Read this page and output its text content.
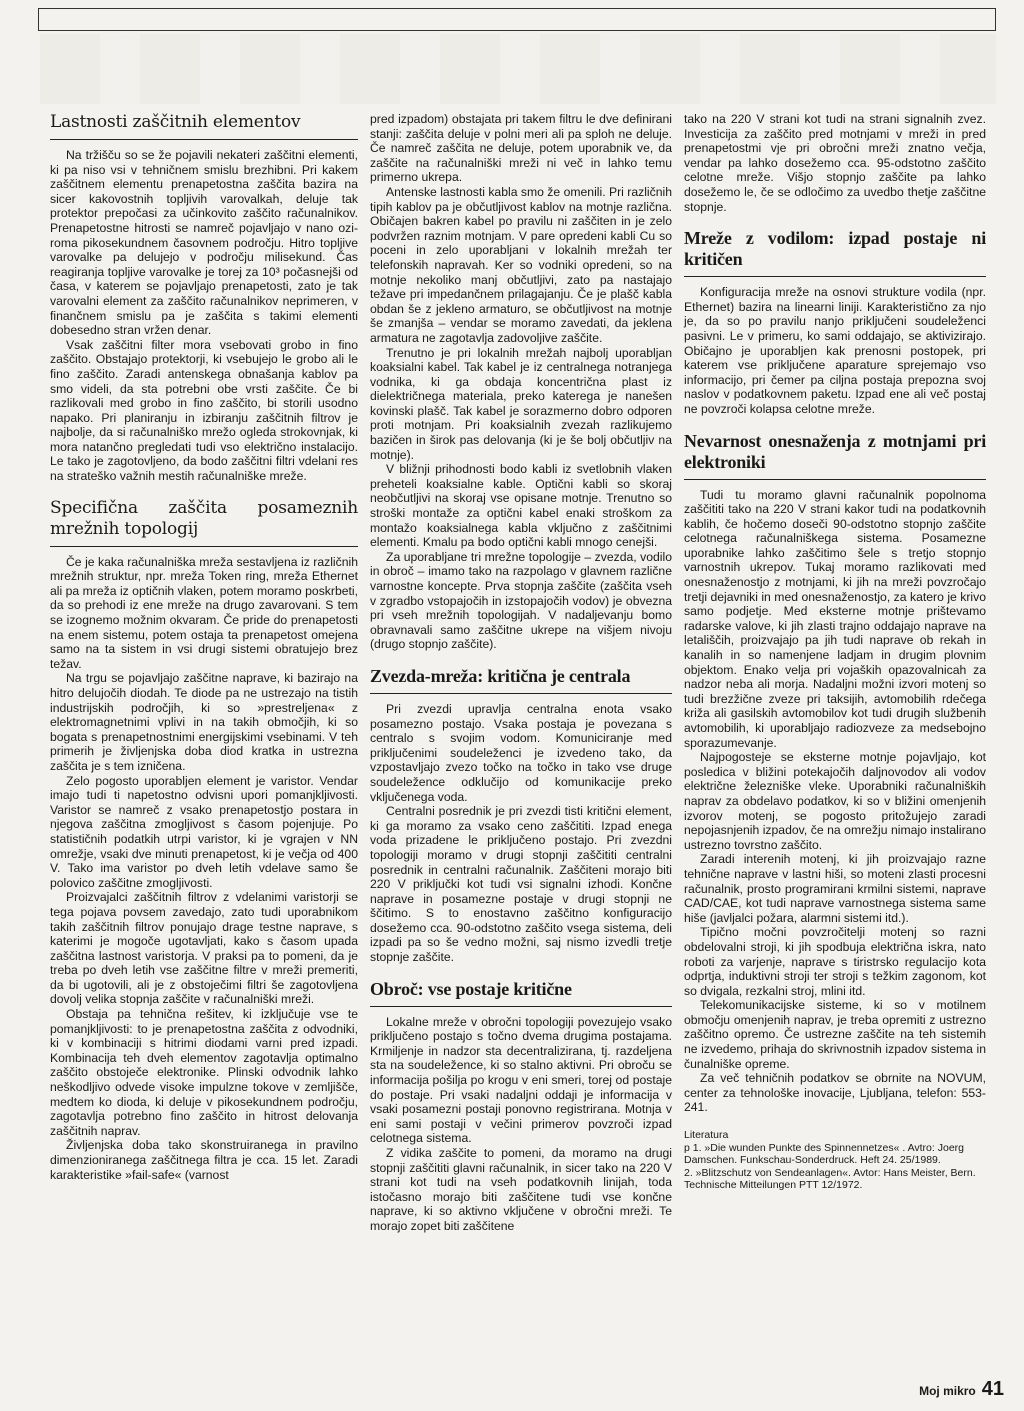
Lastnosti zaščitnih elementov

Na tržišču so se že pojavili nekateri zaščitni elementi, ki pa niso vsi v tehničnem smislu brezhibni. Pri kakem zaščitnem elementu prenapetostna zaščita bazira na sicer kakovostnih topljivih varovalkah, deluje tak protektor prepočasi za učinkovito zaščito računalnikov. Prenapetostne hitrosti se namreč pojavljajo v nano ozi-roma pikosekundnem časovnem področju. Hitro topljive varovalke pa delujejo v področju milisekund. Čas reagiranja topljive varovalke je torej za 10³ počasnejši od časa, v katerem se pojavljajo prenapetosti, zato je tak varovalni element za zaščito računalnikov neprimeren, v finančnem smislu pa je zaščita s takimi elementi dobesedno stran vržen denar.

Vsak zaščitni filter mora vsebovati grobo in fino zaščito. Obstajajo protektorji, ki vsebujejo le grobo ali le fino zaščito. Zaradi antenskega obnašanja kablov pa smo videli, da sta potrebni obe vrsti zaščite. Če bi razlikovali med grobo in fino zaščito, bi storili usodno napako. Pri planiranju in izbiranju zaščitnih filtrov je najbolje, da si računalniško mrežo ogleda strokovnjak, ki mora natančno pregledati tudi vso električno instalacijo. Le tako je zagotovljeno, da bodo zaščitni filtri vdelani res na strateško važnih mestih računalniške mreže.

Specifična zaščita posameznih mrežnih topologij

Če je kaka računalniška mreža sestavljena iz različnih mrežnih struktur, npr. mreža Token ring, mreža Ethernet ali pa mreža iz optičnih vlaken, potem moramo poskrbeti, da so prehodi iz ene mreže na drugo zavarovani. S tem se izognemo možnim okvaram. Če pride do prenapetosti na enem sistemu, potem ostaja ta prenapetost omejena samo na ta sistem in vsi drugi sistemi obratujejo brez težav.

Na trgu se pojavljajo zaščitne naprave, ki bazirajo na hitro delujočih diodah. Te diode pa ne ustrezajo na tistih industrijskih področjih, ki so »prestreljena« z elektromagnetnimi vplivi in na takih območjih, ki so bogata s prenapetnostnimi energijskimi vsebinami. V teh primerih je življenjska doba diod kratka in ustrezna zaščita je s tem izničena.

Zelo pogosto uporabljen element je varistor. Vendar imajo tudi ti napetostno odvisni upori pomanjkljivosti. Varistor se namreč z vsako prenapetostjo postara in njegova zaščitna zmogljivost s časom pojenjuje. Po statističnih podatkih utrpi varistor, ki je vgrajen v NN omrežje, vsaki dve minuti prenapetost, ki je večja od 400 V. Tako ima varistor po dveh letih vdelave samo še polovico zaščitne zmogljivosti.

Proizvajalci zaščitnih filtrov z vdelanimi varistorji se tega pojava povsem zavedajo, zato tudi uporabnikom takih zaščitnih filtrov ponujajo drage testne naprave, s katerimi je mogoče ugotavljati, kako s časom upada zaščitna lastnost varistorja. V praksi pa to pomeni, da je treba po dveh letih vse zaščitne filtre v mreži premeriti, da bi ugotovili, ali je z obstoječimi filtri še zagotovljena dovolj velika stopnja zaščite v računalniški mreži.

Obstaja pa tehnična rešitev, ki izključuje vse te pomanjkljivosti: to je prenapetostna zaščita z odvodniki, ki v kombinaciji s hitrimi diodami varni pred izpadi. Kombinacija teh dveh elementov zagotavlja optimalno zaščito obstoječe elektronike. Plinski odvodnik lahko neškodljivo odvede visoke impulzne tokove v zemljišče, medtem ko dioda, ki deluje v pikosekundnem področju, zagotavlja potrebno fino zaščito in hitrost delovanja zaščitnih naprav.

Življenjska doba tako skonstruiranega in pravilno dimenzioniranega zaščitnega filtra je cca. 15 let. Zaradi karakteristike »fail-safe« (varnost

pred izpadom) obstajata pri takem filtru le dve definirani stanji: zaščita deluje v polni meri ali pa sploh ne deluje. Če namreč zaščita ne deluje, potem uporabnik ve, da zaščite na računalniški mreži ni več in lahko temu primerno ukrepa.

Antenske lastnosti kabla smo že omenili. Pri različnih tipih kablov pa je občutljivost kablov na motnje različna. Običajen bakren kabel po pravilu ni zaščiten in je zelo podvržen raznim motnjam. V pare opredeni kabli Cu so poceni in zelo uporabljani v lokalnih mrežah ter telefonskih napravah. Ker so vodniki opredeni, so na motnje nekoliko manj občutljivi, zato pa nastajajo težave pri impedančnem prilagajanju. Če je plašč kabla obdan še z jekleno armaturo, se občutljivost na motnje še zmanjša – vendar se moramo zavedati, da jeklena armatura ne zagotavlja zadovoljive zaščite.

Trenutno je pri lokalnih mrežah najbolj uporabljan koaksialni kabel. Tak kabel je iz centralnega notranjega vodnika, ki ga obdaja koncentrična plast iz dielektričnega materiala, preko katerega je nanešen kovinski plašč. Tak kabel je sorazmerno dobro odporen proti motnjam. Pri koaksialnih zvezah razlikujemo bazičen in širok pas delovanja (ki je še bolj občutljiv na motnje).

V bližnji prihodnosti bodo kabli iz svetlobnih vlaken preheteli koaksialne kable. Optični kabli so skoraj neobčutljivi na skoraj vse opisane motnje. Trenutno so stroški montaže za optični kabel enaki stroškom za montažo koaksialnega kabla vključno z zaščitnimi elementi. Kmalu pa bodo optični kabli mnogo cenejši.

Za uporabljane tri mrežne topologije – zvezda, vodilo in obroč – imamo tako na razpolago v glavnem različne varnostne koncepte. Prva stopnja zaščite (zaščita vseh v zgradbo vstopajočih in izstopajočih vodov) je obvezna pri vseh mrežnih topologijah. V nadaljevanju bomo obravnavali samo zaščitne ukrepe na višjem nivoju (drugo stopnjo zaščite).

Zvezda-mreža: kritična je centrala

Pri zvezdi upravlja centralna enota vsako posamezno postajo. Vsaka postaja je povezana s centralo s svojim vodom. Komuniciranje med priključenimi soudeleženci je izvedeno tako, da vzpostavljajo zvezo točko na točko in tako vse druge soudeležence odklučijo od komunikacije preko vključenega voda.

Centralni posrednik je pri zvezdi tisti kritični element, ki ga moramo za vsako ceno zaščititi. Izpad enega voda prizadene le priključeno postajo. Pri zvezdni topologiji moramo v drugi stopnji zaščititi centralni posrednik in centralni računalnik. Zaščiteni morajo biti 220 V priključki kot tudi vsi signalni izhodi. Končne naprave in posamezne postaje v drugi stopnji ne ščitimo. S to enostavno zaščitno konfiguracijo dosežemo cca. 90-odstotno zaščito vsega sistema, deli izpadi pa so še vedno možni, saj nismo izvedli tretje stopnje zaščite.

Obroč: vse postaje kritične

Lokalne mreže v obročni topologiji povezujejo vsako priključeno postajo s točno dvema drugima postajama. Krmiljenje in nadzor sta decentralizirana, tj. razdeljena sta na soudeležence, ki so stalno aktivni. Pri obroču se informacija pošilja po krogu v eni smeri, torej od postaje do postaje. Pri vsaki nadaljni oddaji je informacija v vsaki posamezni postaji ponovno registrirana. Motnja v eni sami postaji v večini primerov povzroči izpad celotnega sistema.

Z vidika zaščite to pomeni, da moramo na drugi stopnji zaščititi glavni računalnik, in sicer tako na 220 V strani kot tudi na vseh podatkovnih linijah, toda istočasno morajo biti zaščitene tudi vse končne naprave, ki so aktivno vključene v obročni mreži. Te morajo zopet biti zaščitene

tako na 220 V strani kot tudi na strani signalnih zvez. Investicija za zaščito pred motnjami v mreži in pred prenapetostmi vje pri obročni mreži znatno večja, vendar pa lahko dosežemo cca. 95-odstotno zaščito celotne mreže. Višjo stopnjo zaščite pa lahko dosežemo le, če se odločimo za uvedbo thetje zaščitne stopnje.

Mreže z vodilom: izpad postaje ni kritičen

Konfiguracija mreže na osnovi strukture vodila (npr. Ethernet) bazira na linearni liniji. Karakteristično za njo je, da so po pravilu nanjo priključeni soudeleženci pasivni. Le v primeru, ko sami oddajajo, se aktivizirajo. Običajno je uporabljen kak prenosni postopek, pri katerem vse priključene aparature sprejemajo vso informacijo, pri čemer pa ciljna postaja prepozna svoj naslov v podatkovnem paketu. Izpad ene ali več postaj ne povzroči kolapsa celotne mreže.

Nevarnost onesnaženja z motnjami pri elektroniki

Tudi tu moramo glavni računalnik popolnoma zaščititi tako na 220 V strani kakor tudi na podatkovnih kablih, če hočemo doseči 90-odstotno stopnjo zaščite celotnega računalniškega sistema. Posamezne uporabnike lahko zaščitimo šele s tretjo stopnjo varnostnih ukrepov. Tukaj moramo razlikovati med onesnaženostjo z motnjami, ki jih na mreži povzročajo tretji dejavniki in med onesnaženostjo, za katero je krivo samo podjetje. Med eksterne motnje prištevamo radarske valove, ki jih zlasti trajno oddajajo naprave na letališčih, proizvajajo pa jih tudi naprave ob rekah in kanalih in so namenjene ladjam in drugim plovnim objektom. Enako velja pri vojaških opazovalnicah za nadzor neba ali morja. Nadaljni možni izvori motenj so tudi brezžične zveze pri taksijih, avtomobilih rdečega križa ali gasilskih avtomobilov kot tudi drugih službenih avtomobilih, ki uporabljajo radiozveze za medsebojno sporazumevanje.

Najpogosteje se eksterne motnje pojavljajo, kot posledica v bližini potekajočih daljnovodov ali vodov električne železniške vleke. Uporabniki računalniških naprav za obdelavo podatkov, ki so v bližini omenjenih izvorov motenj, se pogosto pritožujejo zaradi nepojasnjenih izpadov, če na omrežju nimajo instalirano ustrezno tovrstno zaščito.

Zaradi interenih motenj, ki jih proizvajajo razne tehnične naprave v lastni hiši, so moteni zlasti procesni računalnik, prosto programirani krmilni sistemi, naprave CAD/CAE, kot tudi naprave varnostnega sistema same hiše (javljalci požara, alarmni sistemi itd.).

Tipično močni povzročitelji motenj so razni obdelovalni stroji, ki jih spodbuja električna iskra, nato roboti za varjenje, naprave s tiristrsko regulacijo kota odprtja, induktivni stroji ter stroji s težkim zagonom, kot so dvigala, rezkalni stroj, mlini itd.

Telekomunikacijske sisteme, ki so v motilnem območju omenjenih naprav, je treba opremiti z ustrezno zaščitno opremo. Če ustrezne zaščite na teh sistemih ne izvedemo, prihaja do skrivnostnih izpadov sistema in čunalniške opreme.

Za več tehničnih podatkov se obrnite na NOVUM, center za tehnološke inovacije, Ljubljana, telefon: 553-241.

Literatura

p 1. »Die wunden Punkte des Spinnennetzes« . Avtro: Joerg Damschen. Funkschau-Sonderdruck. Heft 24. 25/1989.

2. »Blitzschutz von Sendeanlagen«. Avtor: Hans Meister, Bern. Technische Mitteilungen PTT 12/1972.

Moj mikro 41
